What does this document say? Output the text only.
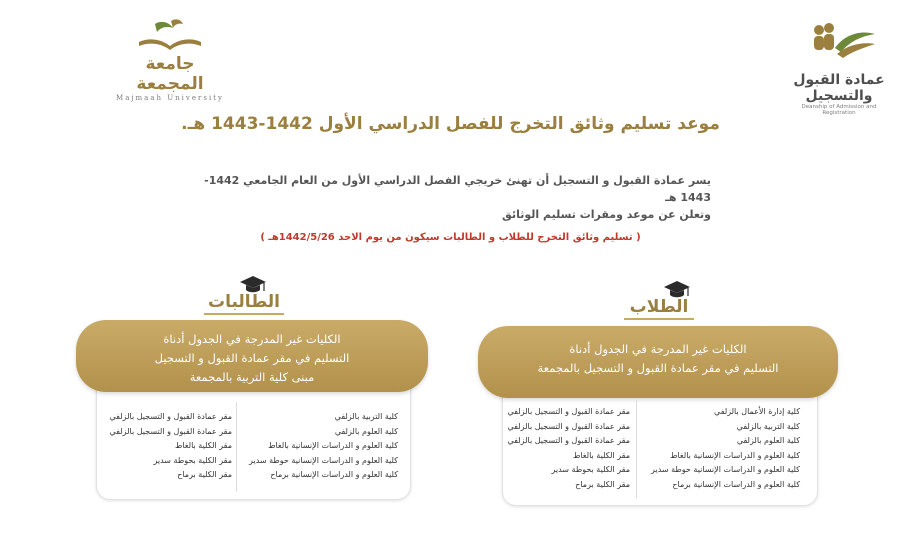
جامعة المجمعة
Majmaah University
عمادة القبول والتسجيل
Deanship of Admission and Registration
موعد تسليم وثائق التخرج للفصل الدراسي الأول 1442-1443 هـ.
يسر عمادة القبول و التسجيل أن تهنئ خريجي الفصل الدراسي الأول من العام الجامعي 1442-1443 هـ
وتعلن عن موعد ومقرات تسليم الوثائق
( تسليم وثائق التخرج للطلاب و الطالبات سيكون من يوم الاحد 1442/5/26هـ )
الطالبات
الكليات غير المدرجة في الجدول أدناة
التسليم في مقر عمادة القبول و التسجيل
مبنى كلية التربية بالمجمعة
كلية التربية بالزلفي
كلية العلوم بالزلفي
كلية العلوم و الدراسات الإنسانية بالغاط
كلية العلوم و الدراسات الإنسانية حوطة سدير
كلية العلوم و الدراسات الإنسانية برماح
مقر عمادة القبول و التسجيل بالزلفي
مقر عمادة القبول و التسجيل بالزلفي
مقر الكلية بالغاط
مقر الكلية بحوطة سدير
مقر الكلية برماح
الطلاب
الكليات غير المدرجة في الجدول أدناة
التسليم في مقر عمادة القبول و التسجيل بالمجمعة
كلية إدارة الأعمال بالزلفي
كلية التربية بالزلفي
كلية العلوم بالزلفي
كلية العلوم و الدراسات الإنسانية بالغاط
كلية العلوم و الدراسات الإنسانية حوطة سدير
كلية العلوم و الدراسات الإنسانية برماح
مقر عمادة القبول و التسجيل بالزلفي
مقر عمادة القبول و التسجيل بالزلفي
مقر عمادة القبول و التسجيل بالزلفي
مقر الكلية بالغاط
مقر الكلية بحوطة سدير
مقر الكلية برماح
